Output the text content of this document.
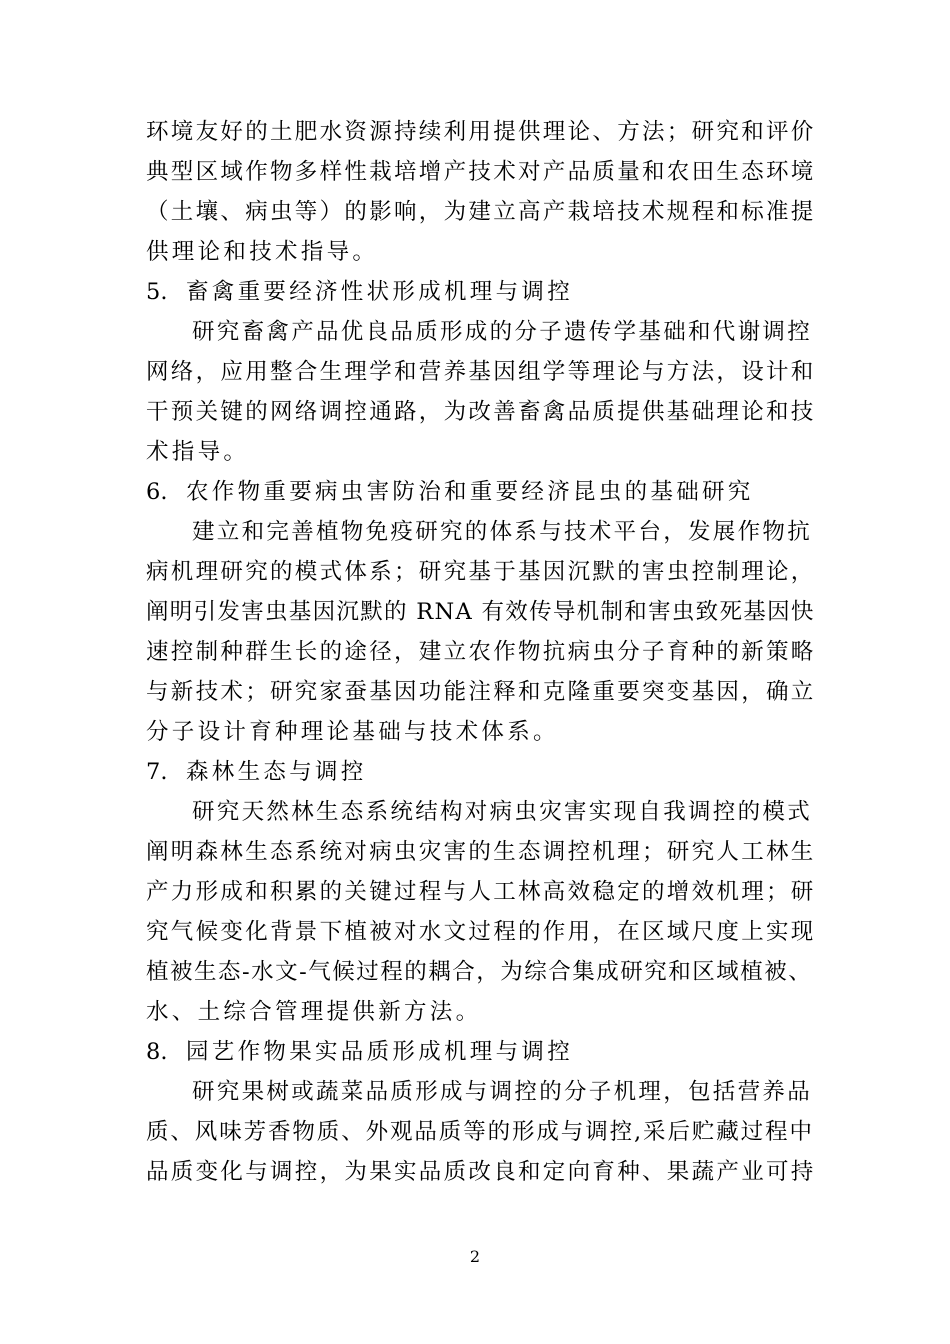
环境友好的土肥水资源持续利用提供理论、方法；研究和评价
典型区域作物多样性栽培增产技术对产品质量和农田生态环境
（土壤、病虫等）的影响，为建立高产栽培技术规程和标准提
供理论和技术指导。
5. 畜禽重要经济性状形成机理与调控
研究畜禽产品优良品质形成的分子遗传学基础和代谢调控
网络，应用整合生理学和营养基因组学等理论与方法，设计和
干预关键的网络调控通路，为改善畜禽品质提供基础理论和技
术指导。
6. 农作物重要病虫害防治和重要经济昆虫的基础研究
建立和完善植物免疫研究的体系与技术平台，发展作物抗
病机理研究的模式体系；研究基于基因沉默的害虫控制理论，
阐明引发害虫基因沉默的 RNA 有效传导机制和害虫致死基因快
速控制种群生长的途径，建立农作物抗病虫分子育种的新策略
与新技术；研究家蚕基因功能注释和克隆重要突变基因，确立
分子设计育种理论基础与技术体系。
7. 森林生态与调控
研究天然林生态系统结构对病虫灾害实现自我调控的模式
阐明森林生态系统对病虫灾害的生态调控机理；研究人工林生
产力形成和积累的关键过程与人工林高效稳定的增效机理；研
究气候变化背景下植被对水文过程的作用，在区域尺度上实现
植被生态-水文-气候过程的耦合，为综合集成研究和区域植被、
水、土综合管理提供新方法。
8. 园艺作物果实品质形成机理与调控
研究果树或蔬菜品质形成与调控的分子机理，包括营养品
质、风味芳香物质、外观品质等的形成与调控,采后贮藏过程中
品质变化与调控，为果实品质改良和定向育种、果蔬产业可持
2
